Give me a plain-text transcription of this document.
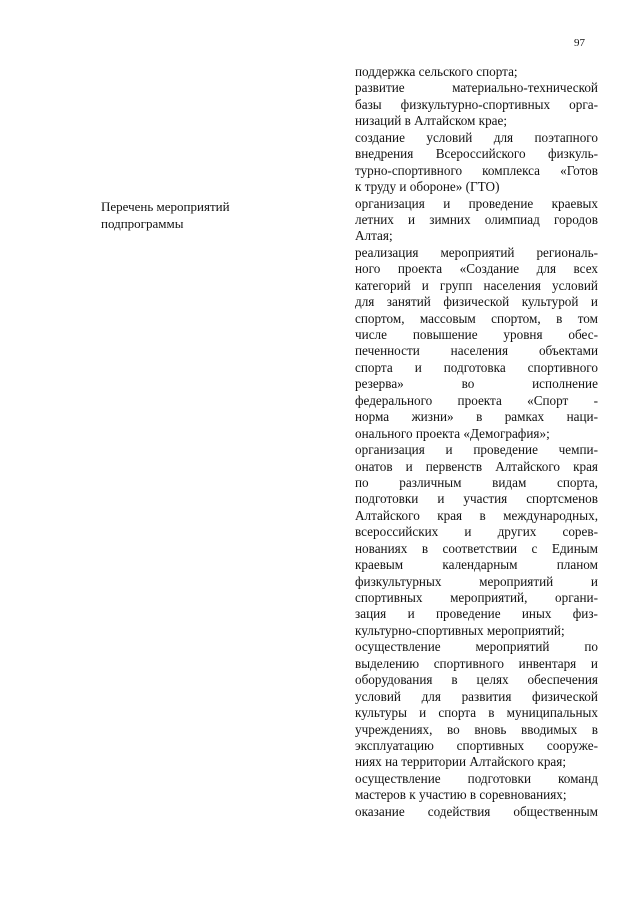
97
Перечень мероприятий
подпрограммы
поддержка сельского спорта;
развитие	материально-технической
базы физкультурно-спортивных орга-
низаций в Алтайском крае;
создание условий для поэтапного
внедрения Всероссийского физкуль-
турно-спортивного комплекса «Готов
к труду и обороне» (ГТО)
организация и проведение краевых
летних и зимних олимпиад городов
Алтая;
реализация мероприятий региональ-
ного проекта «Создание для всех
категорий и групп населения условий
для занятий физической культурой и
спортом, массовым спортом, в том
числе повышение уровня обес-
печенности населения объектами
спорта и подготовка спортивного
резерва»	во	исполнение
федерального проекта «Спорт -
норма жизни» в рамках наци-
онального проекта «Демография»;
организация и проведение чемпи-
онатов и первенств Алтайского края
по различным видам спорта,
подготовки и участия спортсменов
Алтайского края в международных,
всероссийских и других сорев-
нованиях в соответствии с Единым
краевым	календарным	планом
физкультурных	мероприятий	и
спортивных мероприятий, органи-
зация и проведение иных физ-
культурно-спортивных мероприятий;
осуществление	мероприятий	по
выделению спортивного инвентаря и
оборудования в целях обеспечения
условий для развития физической
культуры и спорта в муниципальных
учреждениях, во вновь вводимых в
эксплуатацию спортивных сооруже-
ниях на территории Алтайского края;
осуществление подготовки команд
мастеров к участию в соревнованиях;
оказание содействия общественным
